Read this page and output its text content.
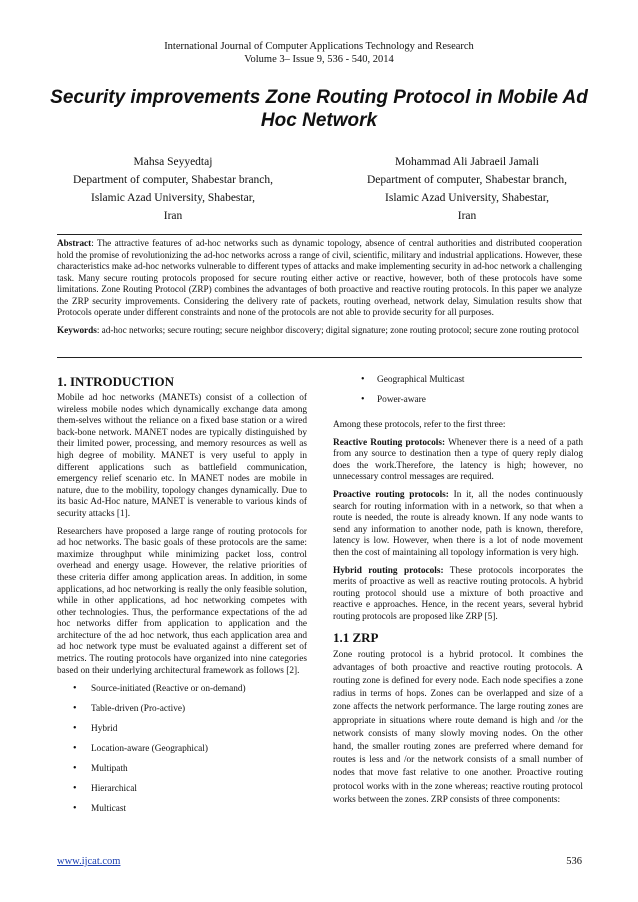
International Journal of Computer Applications Technology and Research
Volume 3– Issue 9, 536 - 540, 2014
Security improvements Zone Routing Protocol in Mobile Ad Hoc Network
Mahsa Seyyedtaj
Department of computer, Shabestar branch,
Islamic Azad University, Shabestar,
Iran
Mohammad Ali Jabraeil Jamali
Department of computer, Shabestar branch,
Islamic Azad University, Shabestar,
Iran
Abstract: The attractive features of ad-hoc networks such as dynamic topology, absence of central authorities and distributed cooperation hold the promise of revolutionizing the ad-hoc networks across a range of civil, scientific, military and industrial applications. However, these characteristics make ad-hoc networks vulnerable to different types of attacks and make implementing security in ad-hoc network a challenging task. Many secure routing protocols proposed for secure routing either active or reactive, however, both of these protocols have some limitations. Zone Routing Protocol (ZRP) combines the advantages of both proactive and reactive routing protocols. In this paper we analyze the ZRP security improvements. Considering the delivery rate of packets, routing overhead, network delay, Simulation results show that Protocols operate under different constraints and none of the protocols are not able to provide security for all purposes.
Keywords: ad-hoc networks; secure routing; secure neighbor discovery; digital signature; zone routing protocol; secure zone routing protocol
1. INTRODUCTION
Mobile ad hoc networks (MANETs) consist of a collection of wireless mobile nodes which dynamically exchange data among them-selves without the reliance on a fixed base station or a wired back-bone network. MANET nodes are typically distinguished by their limited power, processing, and memory resources as well as high degree of mobility. MANET is very useful to apply in different applications such as battlefield communication, emergency relief scenario etc. In MANET nodes are mobile in nature, due to the mobility, topology changes dynamically. Due to its basic Ad-Hoc nature, MANET is venerable to various kinds of security attacks [1].
Researchers have proposed a large range of routing protocols for ad hoc networks. The basic goals of these protocols are the same: maximize throughput while minimizing packet loss, control overhead and energy usage. However, the relative priorities of these criteria differ among application areas. In addition, in some applications, ad hoc networking is really the only feasible solution, while in other applications, ad hoc networking competes with other technologies. Thus, the performance expectations of the ad hoc networks differ from application to application and the architecture of the ad hoc network, thus each application area and ad hoc network type must be evaluated against a different set of metrics. The routing protocols have organized into nine categories based on their underlying architectural framework as follows [2].
• Source-initiated (Reactive or on-demand)
• Table-driven (Pro-active)
• Hybrid
• Location-aware (Geographical)
• Multipath
• Hierarchical
• Multicast
• Geographical Multicast
• Power-aware
Among these protocols, refer to the first three:
Reactive Routing protocols: Whenever there is a need of a path from any source to destination then a type of query reply dialog does the work.Therefore, the latency is high; however, no unnecessary control messages are required.
Proactive routing protocols: In it, all the nodes continuously search for routing information with in a network, so that when a route is needed, the route is already known. If any node wants to send any information to another node, path is known, therefore, latency is low. However, when there is a lot of node movement then the cost of maintaining all topology information is very high.
Hybrid routing protocols: These protocols incorporates the merits of proactive as well as reactive routing protocols. A hybrid routing protocol should use a mixture of both proactive and reactive e approaches. Hence, in the recent years, several hybrid routing protocols are proposed like ZRP [5].
1.1 ZRP
Zone routing protocol is a hybrid protocol. It combines the advantages of both proactive and reactive routing protocols. A routing zone is defined for every node. Each node specifies a zone radius in terms of hops. Zones can be overlapped and size of a zone affects the network performance. The large routing zones are appropriate in situations where route demand is high and /or the network consists of many slowly moving nodes. On the other hand, the smaller routing zones are preferred where demand for routes is less and /or the network consists of a small number of nodes that move fast relative to one another. Proactive routing protocol works with in the zone whereas; reactive routing protocol works between the zones. ZRP consists of three components:
www.ijcat.com	536
